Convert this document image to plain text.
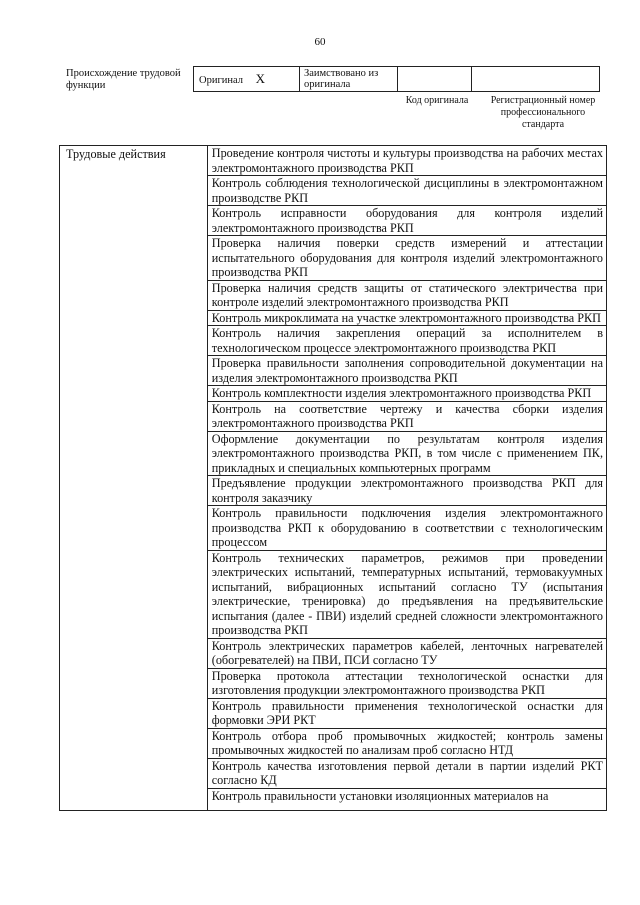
60
Происхождение трудовой функции	Оригинал X	Заимствовано из оригинала		
Код оригинала	Регистрационный номер профессионального стандарта
Трудовые действия	Проведение контроля чистоты и культуры производства на рабочих местах электромонтажного производства РКП
Контроль соблюдения технологической дисциплины в электромонтажном производстве РКП
Контроль исправности оборудования для контроля изделий электромонтажного производства РКП
Проверка наличия поверки средств измерений и аттестации испытательного оборудования для контроля изделий электромонтажного производства РКП
Проверка наличия средств защиты от статического электричества при контроле изделий электромонтажного производства РКП
Контроль микроклимата на участке электромонтажного производства РКП
Контроль наличия закрепления операций за исполнителем в технологическом процессе электромонтажного производства РКП
Проверка правильности заполнения сопроводительной документации на изделия электромонтажного производства РКП
Контроль комплектности изделия электромонтажного производства РКП
Контроль на соответствие чертежу и качества сборки изделия электромонтажного производства РКП
Оформление документации по результатам контроля изделия электромонтажного производства РКП, в том числе с применением ПК, прикладных и специальных компьютерных программ
Предъявление продукции электромонтажного производства РКП для контроля заказчику
Контроль правильности подключения изделия электромонтажного производства РКП к оборудованию в соответствии с технологическим процессом
Контроль технических параметров, режимов при проведении электрических испытаний, температурных испытаний, термовакуумных испытаний, вибрационных испытаний согласно ТУ (испытания электрические, тренировка) до предъявления на предъявительские испытания (далее - ПВИ) изделий средней сложности электромонтажного производства РКП
Контроль электрических параметров кабелей, ленточных нагревателей (обогревателей) на ПВИ, ПСИ согласно ТУ
Проверка протокола аттестации технологической оснастки для изготовления продукции электромонтажного производства РКП
Контроль правильности применения технологической оснастки для формовки ЭРИ РКТ
Контроль отбора проб промывочных жидкостей; контроль замены промывочных жидкостей по анализам проб согласно НТД
Контроль качества изготовления первой детали в партии изделий РКТ согласно КД
Контроль правильности установки изоляционных материалов на
